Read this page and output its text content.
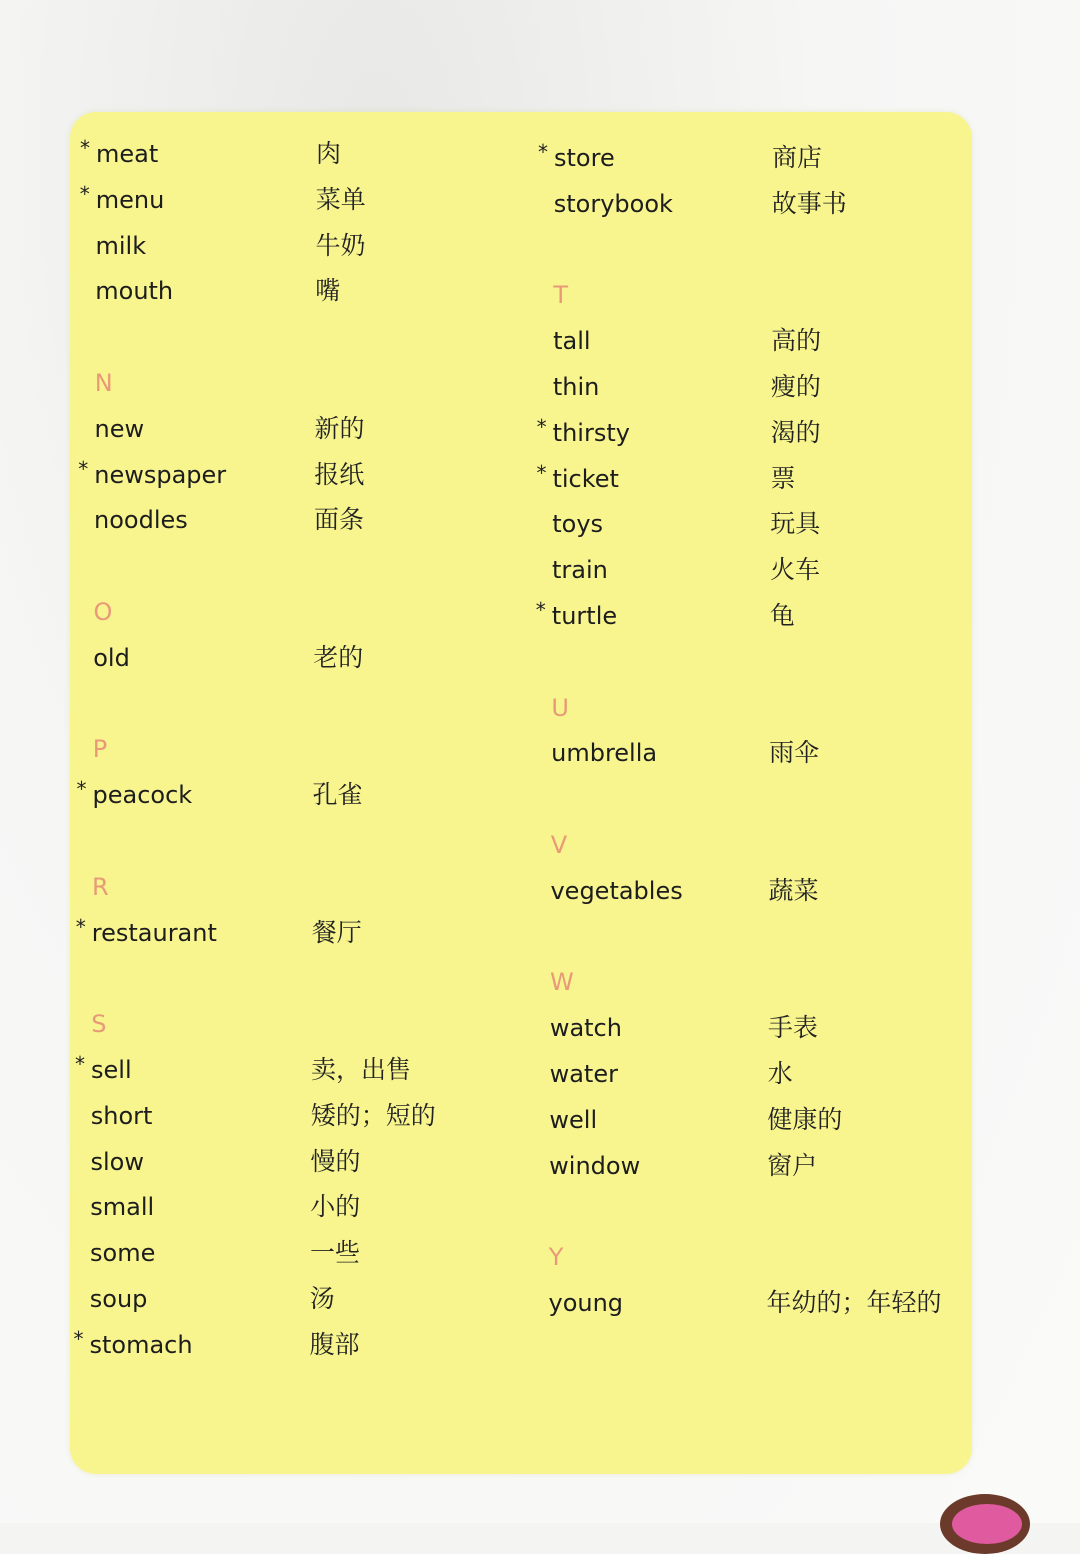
* meat	肉
* menu	菜单
milk	牛奶
mouth	嘴
N
new	新的
* newspaper	报纸
noodles	面条
O
old	老的
P
* peacock	孔雀
R
* restaurant	餐厅
S
* sell	卖，出售
short	矮的；短的
slow	慢的
small	小的
some	一些
soup	汤
* stomach	腹部
* store	商店
storybook	故事书
T
tall	高的
thin	瘦的
* thirsty	渴的
* ticket	票
toys	玩具
train	火车
* turtle	龟
U
umbrella	雨伞
V
vegetables	蔬菜
W
watch	手表
water	水
well	健康的
window	窗户
Y
young	年幼的；年轻的
